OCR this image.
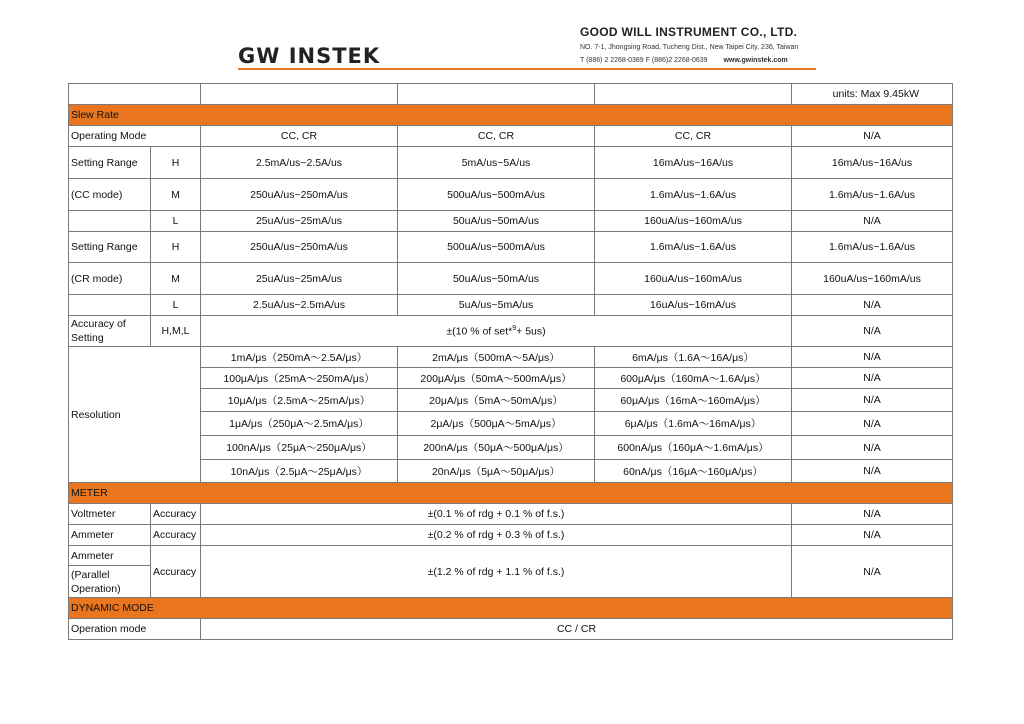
GW INSTEK
GOOD WILL INSTRUMENT CO., LTD.
NO. 7-1, Jhongsing Road, Tucheng Dist., New Taipei City, 236, Taiwan
T (886) 2 2268-0389 F (886)2 2268-0639 www.gwinstek.com
					units: Max 9.45kW
Slew Rate					
Operating Mode		CC, CR	CC, CR	CC, CR	N/A
Setting Range	H	2.5mA/us~2.5A/us	5mA/us~5A/us	16mA/us~16A/us	16mA/us~16A/us
(CC mode)	M	250uA/us~250mA/us	500uA/us~500mA/us	1.6mA/us~1.6A/us	1.6mA/us~1.6A/us
	L	25uA/us~25mA/us	50uA/us~50mA/us	160uA/us~160mA/us	N/A
Setting Range	H	250uA/us~250mA/us	500uA/us~500mA/us	1.6mA/us~1.6A/us	1.6mA/us~1.6A/us
(CR mode)	M	25uA/us~25mA/us	50uA/us~50mA/us	160uA/us~160mA/us	160uA/us~160mA/us
	L	2.5uA/us~2.5mA/us	5uA/us~5mA/us	16uA/us~16mA/us	N/A

Accuracy of
Setting	H,M,L	±(10 % of set*$^9$+ 5us)			N/A
Resolution		1mA/μs（250mA～2.5A/μs）	2mA/μs（500mA～5A/μs）	6mA/μs（1.6A～16A/μs）	N/A
		100μA/μs（25mA～250mA/μs）	200μA/μs（50mA～500mA/μs）	600μA/μs（160mA～1.6A/μs）	N/A
		10μA/μs（2.5mA～25mA/μs）	20μA/μs（5mA～50mA/μs）	60μA/μs（16mA～160mA/μs）	N/A
		1μA/μs（250μA～2.5mA/μs）	2μA/μs（500μA～5mA/μs）	6μA/μs（1.6mA～16mA/μs）	N/A
		100nA/μs（25μA～250μA/μs）	200nA/μs（50μA～500μA/μs）	600nA/μs（160μA～1.6mA/μs）	N/A
		10nA/μs（2.5μA～25μA/μs）	20nA/μs（5μA～50μA/μs）	60nA/μs（16μA～160μA/μs）	N/A
METER					
Voltmeter	Accuracy	±(0.1 % of rdg + 0.1 % of f.s.)			N/A
Ammeter	Accuracy	±(0.2 % of rdg + 0.3 % of f.s.)			N/A
Ammeter	Accuracy	±(1.2 % of rdg + 1.1 % of f.s.)			N/A

(Parallel
Operation)					

DYNAMIC MODE					
Operation mode		CC / CR			
